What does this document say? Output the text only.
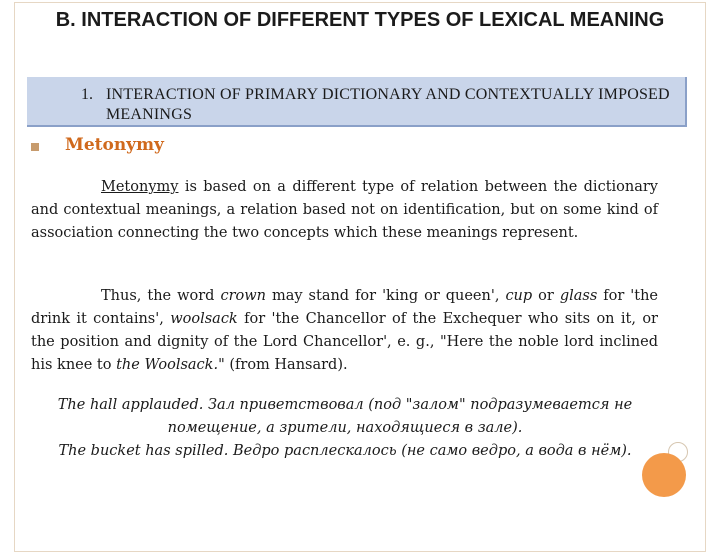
B. INTERACTION OF DIFFERENT TYPES OF LEXICAL MEANING
1. INTERACTION OF PRIMARY DICTIONARY AND CONTEXTUALLY IMPOSED MEANINGS
Metonymy

Metonymy is based on a different type of relation between the dictionary and contextual meanings, a relation based not on identification, but on some kind of association connecting the two concepts which these meanings represent.

Thus, the word crown may stand for 'king or queen', cup or glass for 'the drink it contains', woolsack for 'the Chancellor of the Exchequer who sits on it, or the position and dignity of the Lord Chancellor', e. g., "Here the noble lord inclined his knee to the Woolsack." (from Hansard).

The hall applauded. Зал приветствовал (под "залом" подразумевается не помещение, а зрители, находящиеся в зале).
The bucket has spilled. Ведро расплескалось (не само ведро, а вода в нём).
